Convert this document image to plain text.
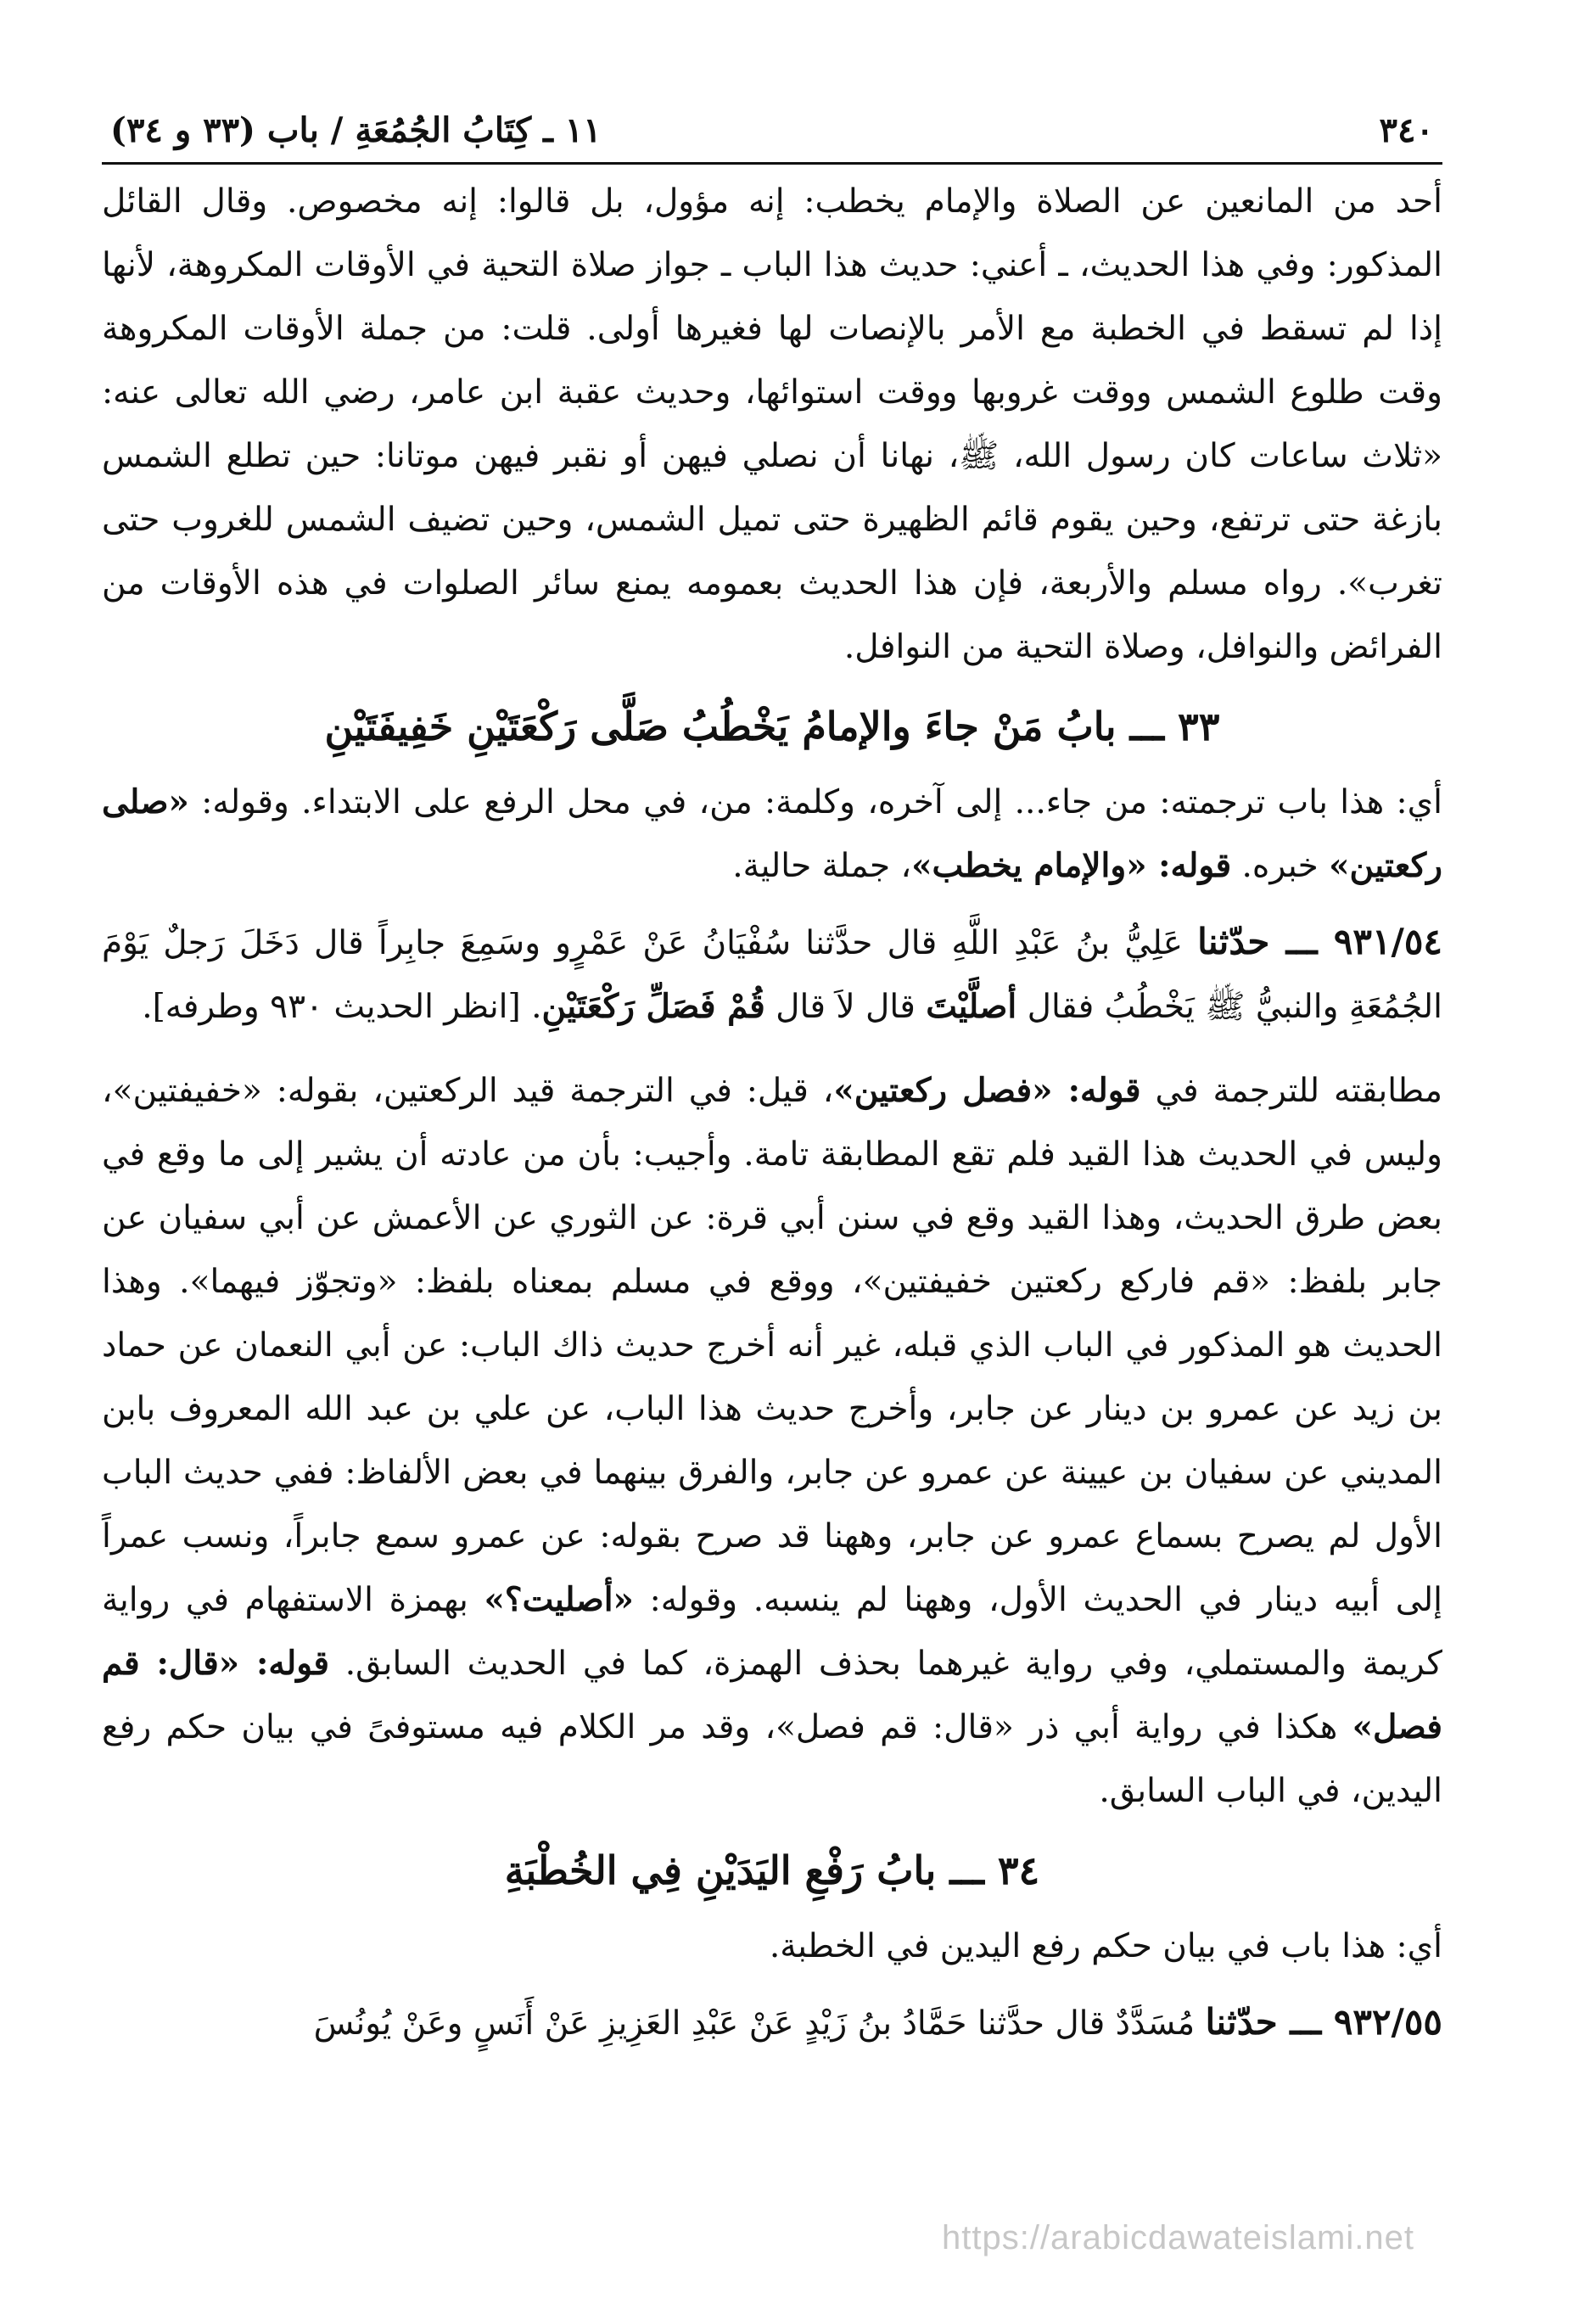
٣٤٠
١١ ـ كِتَابُ الجُمُعَةِ / باب (٣٣ و ٣٤)

أحد من المانعين عن الصلاة والإمام يخطب: إنه مؤول، بل قالوا: إنه مخصوص. وقال القائل المذكور: وفي هذا الحديث، ـ أعني: حديث هذا الباب ـ جواز صلاة التحية في الأوقات المكروهة، لأنها إذا لم تسقط في الخطبة مع الأمر بالإنصات لها فغيرها أولى. قلت: من جملة الأوقات المكروهة وقت طلوع الشمس ووقت غروبها ووقت استوائها، وحديث عقبة ابن عامر، رضي الله تعالى عنه: «ثلاث ساعات كان رسول الله، ﷺ، نهانا أن نصلي فيهن أو نقبر فيهن موتانا: حين تطلع الشمس بازغة حتى ترتفع، وحين يقوم قائم الظهيرة حتى تميل الشمس، وحين تضيف الشمس للغروب حتى تغرب». رواه مسلم والأربعة، فإن هذا الحديث بعمومه يمنع سائر الصلوات في هذه الأوقات من الفرائض والنوافل، وصلاة التحية من النوافل.

٣٣ ـــ بابُ مَنْ جاءَ والإمامُ يَخْطُبُ صَلَّى رَكْعَتَيْنِ خَفِيفَتَيْنِ

أي: هذا باب ترجمته: من جاء... إلى آخره، وكلمة: من، في محل الرفع على الابتداء. وقوله: «صلى ركعتين» خبره. قوله: «والإمام يخطب»، جملة حالية.

٩٣١/٥٤ ـــ حدّثنا عَلِيُّ بنُ عَبْدِ اللَّهِ قال حدَّثنا سُفْيَانُ عَنْ عَمْرٍو وسَمِعَ جابِراً قال دَخَلَ رَجلٌ يَوْمَ الجُمُعَةِ والنبيُّ ﷺ يَخْطُبُ فقال أصلَّيْتَ قال لاَ قال قُمْ فَصَلِّ رَكْعَتَيْنِ. [انظر الحديث ٩٣٠ وطرفه].

مطابقته للترجمة في قوله: «فصل ركعتين»، قيل: في الترجمة قيد الركعتين، بقوله: «خفيفتين»، وليس في الحديث هذا القيد فلم تقع المطابقة تامة. وأجيب: بأن من عادته أن يشير إلى ما وقع في بعض طرق الحديث، وهذا القيد وقع في سنن أبي قرة: عن الثوري عن الأعمش عن أبي سفيان عن جابر بلفظ: «قم فاركع ركعتين خفيفتين»، ووقع في مسلم بمعناه بلفظ: «وتجوّز فيهما». وهذا الحديث هو المذكور في الباب الذي قبله، غير أنه أخرج حديث ذاك الباب: عن أبي النعمان عن حماد بن زيد عن عمرو بن دينار عن جابر، وأخرج حديث هذا الباب، عن علي بن عبد الله المعروف بابن المديني عن سفيان بن عيينة عن عمرو عن جابر، والفرق بينهما في بعض الألفاظ: ففي حديث الباب الأول لم يصرح بسماع عمرو عن جابر، وههنا قد صرح بقوله: عن عمرو سمع جابراً، ونسب عمراً إلى أبيه دينار في الحديث الأول، وههنا لم ينسبه. وقوله: «أصليت؟» بهمزة الاستفهام في رواية كريمة والمستملي، وفي رواية غيرهما بحذف الهمزة، كما في الحديث السابق. قوله: «قال: قم فصل» هكذا في رواية أبي ذر «قال: قم فصل»، وقد مر الكلام فيه مستوفىً في بيان حكم رفع اليدين، في الباب السابق.

٣٤ ـــ بابُ رَفْعِ اليَدَيْنِ فِي الخُطْبَةِ

أي: هذا باب في بيان حكم رفع اليدين في الخطبة.

٩٣٢/٥٥ ـــ حدّثنا مُسَدَّدٌ قال حدَّثنا حَمَّادُ بنُ زَيْدٍ عَنْ عَبْدِ العَزِيزِ عَنْ أَنَسٍ وعَنْ يُونُسَ

https://arabicdawateislami.net
